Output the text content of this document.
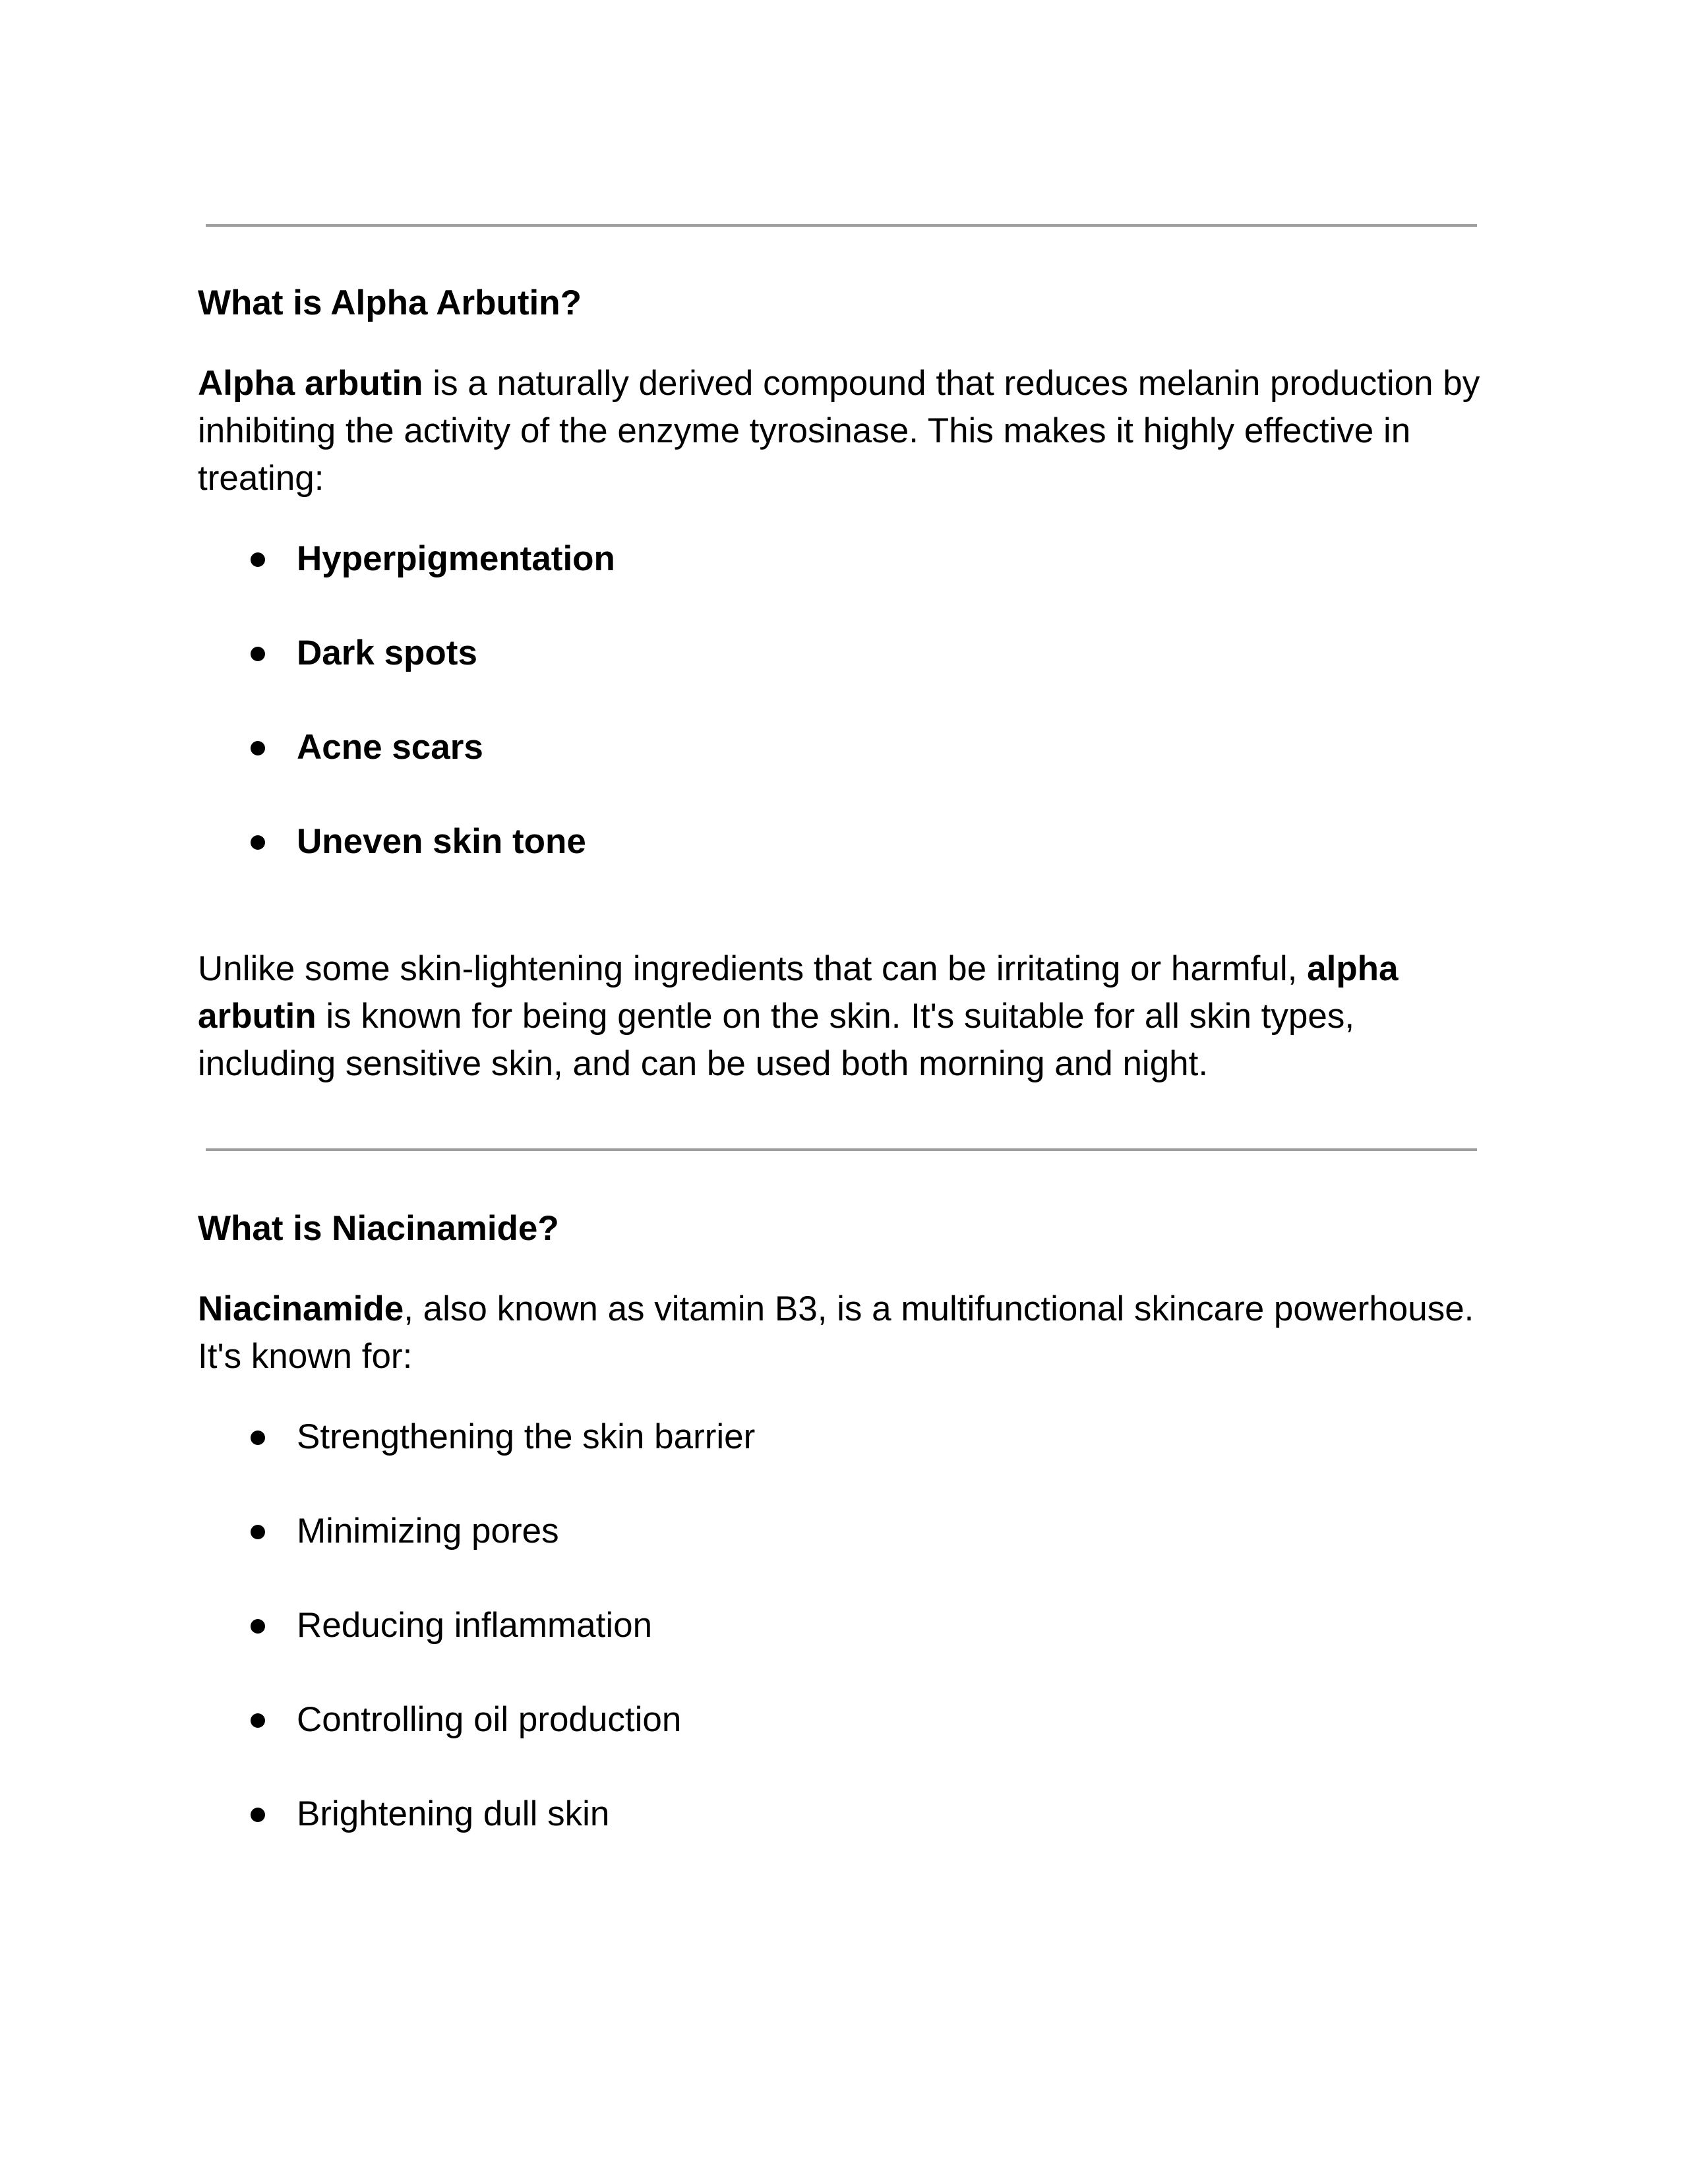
What is Alpha Arbutin?

Alpha arbutin is a naturally derived compound that reduces melanin production by inhibiting the activity of the enzyme tyrosinase. This makes it highly effective in treating:

Hyperpigmentation
Dark spots
Acne scars
Uneven skin tone

Unlike some skin-lightening ingredients that can be irritating or harmful, alpha arbutin is known for being gentle on the skin. It's suitable for all skin types, including sensitive skin, and can be used both morning and night.

What is Niacinamide?

Niacinamide, also known as vitamin B3, is a multifunctional skincare powerhouse. It's known for:

Strengthening the skin barrier
Minimizing pores
Reducing inflammation
Controlling oil production
Brightening dull skin
